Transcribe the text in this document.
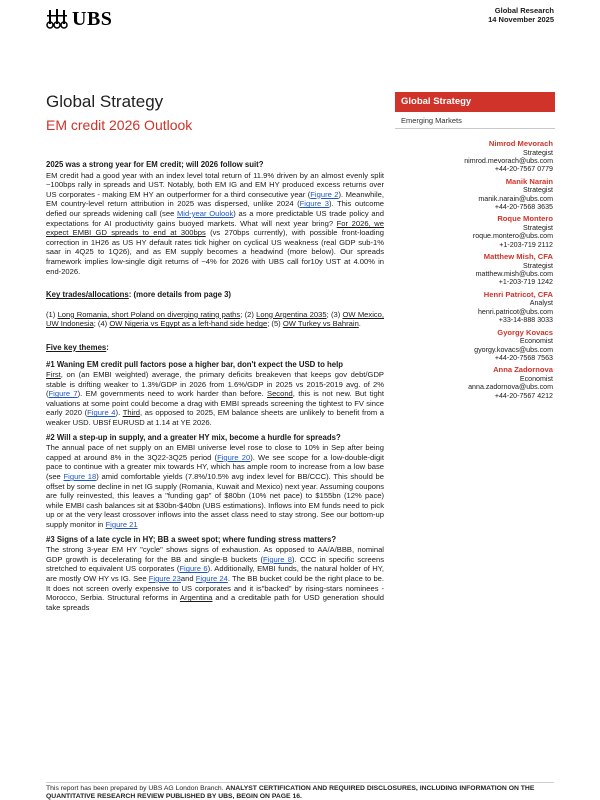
UBS	Global Research
14 November 2025
Global Strategy
EM credit 2026 Outlook
2025 was a strong year for EM credit; will 2026 follow suit?

EM credit had a good year with an index level total return of 11.9% driven by an almost evenly split ~100bps rally in spreads and UST. Notably, both EM IG and EM HY produced excess returns over US corporates - making EM HY an outperformer for a third consecutive year (Figure 2). Meanwhile, EM country-level return attribution in 2025 was dispersed, unlike 2024 (Figure 3). This outcome defied our spreads widening call (see Mid-year Oulook) as a more predictable US trade policy and expectations for AI productivity gains buoyed markets. What will next year bring? For 2026, we expect EMBI GD spreads to end at 300bps (vs 270bps currently), with possible front-loading correction in 1H26 as US HY default rates tick higher on cyclical US weakness (real GDP sub-1% saar in 4Q25 to 1Q26), and as EM supply becomes a headwind (more below). Our spreads framework implies low-single digit returns of ~4% for 2026 with UBS call for10y UST at 4.00% in end-2026.

Key trades/allocations: (more details from page 3)

(1) Long Romania, short Poland on diverging rating paths; (2) Long Argentina 2035; (3) OW Mexico, UW Indonesia; (4) OW Nigeria vs Egypt as a left-hand side hedge; (5) OW Turkey vs Bahrain.

Five key themes:
#1 Waning EM credit pull factors pose a higher bar, don't expect the USD to help

First, on (an EMBI weighted) average, the primary deficits breakeven that keeps gov debt/GDP stable is drifting weaker to 1.3%/GDP in 2026 from 1.6%/GDP in 2025 vs 2015-2019 avg. of 2% (Figure 7). EM governments need to work harder than before. Second, this is not new. But tight valuations at some point could become a drag with EMBI spreads screening the tightest to FV since early 2020 (Figure 4). Third, as opposed to 2025, EM balance sheets are unlikely to benefit from a weaker USD. UBSf EURUSD at 1.14 at YE 2026.

#2 Will a step-up in supply, and a greater HY mix, become a hurdle for spreads?

The annual pace of net supply on an EMBI universe level rose to close to 10% in Sep after being capped at around 8% in the 3Q22-3Q25 period (Figure 20). We see scope for a low-double-digit pace to continue with a greater mix towards HY, which has ample room to increase from a low base (see Figure 18) amid comfortable yields (7.8%/10.5% avg index level for BB/CCC). This should be offset by some decline in net IG supply (Romania, Kuwait and Mexico) next year. Assuming coupons are fully reinvested, this leaves a "funding gap" of $80bn (10% net pace) to $155bn (12% pace) while EMBI cash balances sit at $30bn-$40bn (UBS estimations). Inflows into EM funds need to pick up or at the very least crossover inflows into the asset class need to stay strong. See our bottom-up supply monitor in Figure 21

#3 Signs of a late cycle in HY; BB a sweet spot; where funding stress matters?

The strong 3-year EM HY "cycle" shows signs of exhaustion. As opposed to AA/A/BBB, nominal GDP growth is decelerating for the BB and single-B buckets (Figure 8). CCC in specific screens stretched to equivalent US corporates (Figure 6). Additionally, EMBI funds, the natural holder of HY, are mostly OW HY vs IG. See Figure 23and Figure 24. The BB bucket could be the right place to be. It does not screen overly expensive to US corporates and it is"backed" by rising-stars nominees - Morocco, Serbia. Structural reforms in Argentina and a creditable path for USD generation should take spreads

Global Strategy
Emerging Markets
Nimrod Mevorach
Strategist
nimrod.mevorach@ubs.com
+44-20-7567 0779
Manik Narain
Strategist
manik.narain@ubs.com
+44-20-7568 3635
Roque Montero
Strategist
roque.montero@ubs.com
+1-203-719 2112
Matthew Mish, CFA
Strategist
matthew.mish@ubs.com
+1-203-719 1242
Henri Patricot, CFA
Analyst
henri.patricot@ubs.com
+33-14-888 3033
Gyorgy Kovacs
Economist
gyorgy.kovacs@ubs.com
+44-20-7568 7563
Anna Zadornova
Economist
anna.zadornova@ubs.com
+44-20-7567 4212
This report has been prepared by UBS AG London Branch. ANALYST CERTIFICATION AND REQUIRED DISCLOSURES, INCLUDING INFORMATION ON THE QUANTITATIVE RESEARCH REVIEW PUBLISHED BY UBS, BEGIN ON PAGE 16.
